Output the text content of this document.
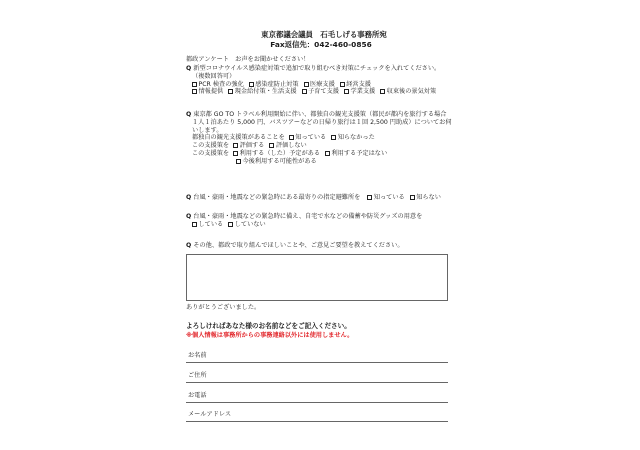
東京都議会議員　石毛しげる事務所宛
Fax返信先：042-460-0856
都政アンケート　お声をお聞かせください！
Q 新型コロナウイルス感染症対策で追加で取り組むべき対策にチェックを入れてください。
（複数回答可）
PCR 検査の強化 感染症防止対策 医療支援 経営支援
情報提供 現金給付策・生活支援 子育て支援 学業支援 収束後の景気対策
Q 東京都 GO TO トラベル利用開始に伴い、都独自の観光支援策（都民が都内を旅行する場合
１人１泊あたり 5,000 円、バスツアーなどの日帰り旅行は１回 2,500 円助成）についてお伺
いします。
都独自の観光支援策があることを 知っている 知らなかった
この支援策を 評価する 評価しない
この支援策を 利用する（した）予定がある 利用する予定はない
今後利用する可能性がある
Q 台風・豪雨・地震などの緊急時にある最寄りの指定避難所を 知っている 知らない
Q 台風・豪雨・地震などの緊急時に備え、自宅で水などの備蓄や防災グッズの用意を
している していない
Q その他、都政で取り組んでほしいことや、ご意見ご要望を教えてください。
ありがとうございました。
よろしければあなた様のお名前などをご記入ください。
※個人情報は事務所からの事務連絡以外には使用しません。
お名前
ご住所
お電話
メールアドレス
